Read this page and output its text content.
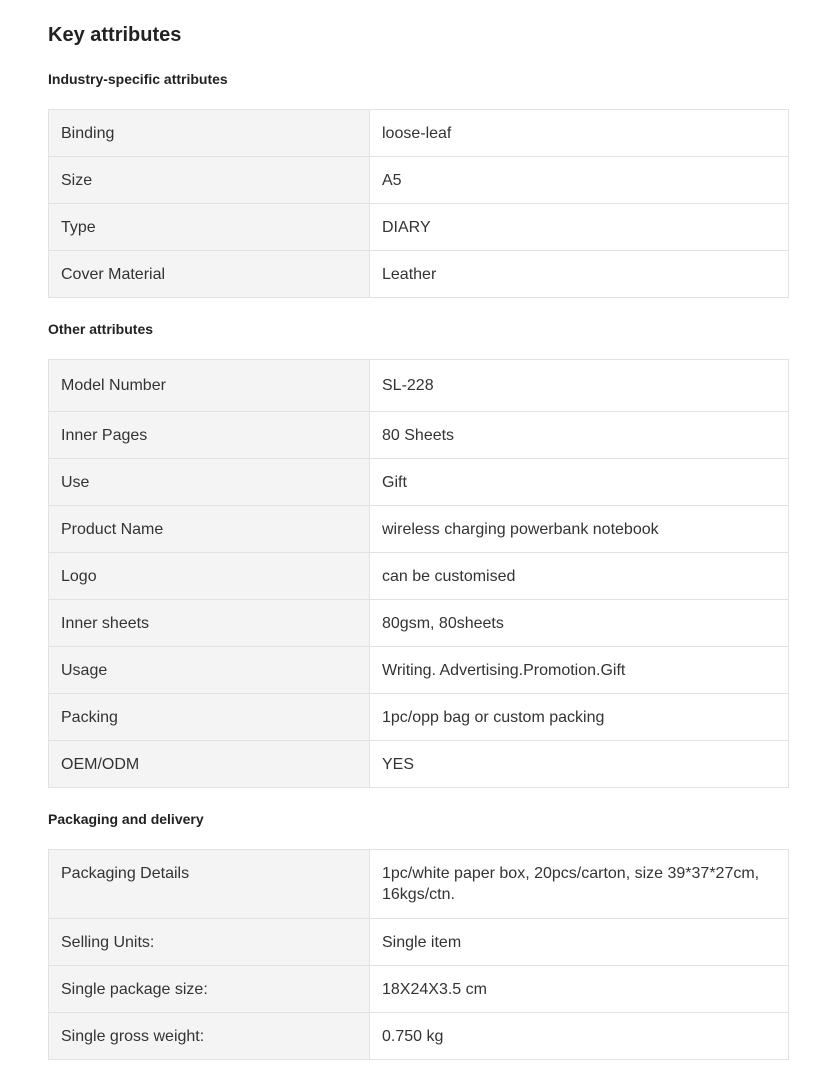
Key attributes
Industry-specific attributes
Binding	loose-leaf
Size	A5
Type	DIARY
Cover Material	Leather
Other attributes
Model Number	SL-228
Inner Pages	80 Sheets
Use	Gift
Product Name	wireless charging powerbank notebook
Logo	can be customised
Inner sheets	80gsm, 80sheets
Usage	Writing. Advertising.Promotion.Gift
Packing	1pc/opp bag or custom packing
OEM/ODM	YES
Packaging and delivery
Packaging Details	1pc/white paper box, 20pcs/carton, size 39*37*27cm, 16kgs/ctn.
Selling Units:	Single item
Single package size:	18X24X3.5 cm
Single gross weight:	0.750 kg
